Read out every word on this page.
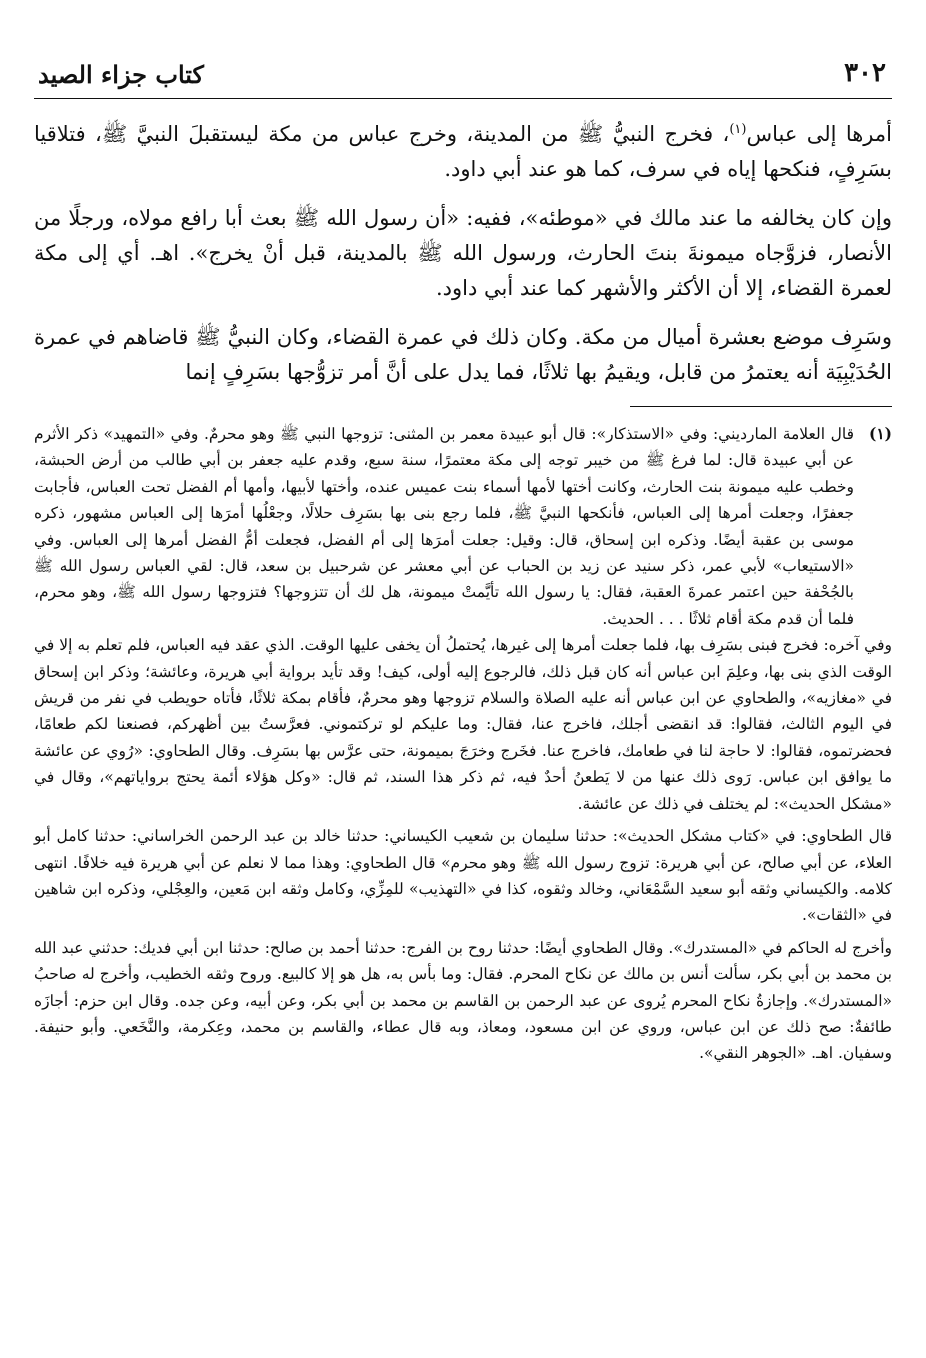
٣٠٢
كتاب جزاء الصيد

أمرها إلى عباس$^{(١)}$، فخرج النبيُّ ﷺ من المدينة، وخرج عباس من مكة ليستقبلَ النبيَّ ﷺ، فتلاقيا بسَرِفٍ، فنكحها إياه في سرف، كما هو عند أبي داود.

وإن كان يخالفه ما عند مالك في «موطئه»، ففيه: «أن رسول الله ﷺ بعث أبا رافع مولاه، ورجلًا من الأنصار، فزوَّجاه ميمونةَ بنتَ الحارث، ورسول الله ﷺ بالمدينة، قبل أنْ يخرج». اهـ. أي إلى مكة لعمرة القضاء، إلا أن الأكثر والأشهر كما عند أبي داود.

وسَرِف موضع بعشرة أميال من مكة. وكان ذلك في عمرة القضاء، وكان النبيُّ ﷺ قاضاهم في عمرة الحُدَيْبِيَة أنه يعتمرُ من قابل، ويقيمُ بها ثلاثًا، فما يدل على أنَّ أمر تزوُّجها بسَرِفٍ إنما

(١)
قال العلامة المارديني: وفي «الاستذكار»: قال أبو عبيدة معمر بن المثنى: تزوجها النبي ﷺ وهو محرمٌ. وفي «التمهيد» ذكر الأثرم عن أبي عبيدة قال: لما فرغ ﷺ من خيبر توجه إلى مكة معتمرًا، سنة سبع، وقدم عليه جعفر بن أبي طالب من أرض الحبشة، وخطب عليه ميمونة بنت الحارث، وكانت أختها لأمها أسماء بنت عميس عنده، وأختها لأبيها، وأمها أم الفضل تحت العباس، فأجابت جعفرًا، وجعلت أمرها إلى العباس، فأنكحها النبيَّ ﷺ، فلما رجع بنى بها بسَرِف حلالًا، وجعْلُها أمرَها إلى العباس مشهور، ذكره موسى بن عقبة أيضًا. وذكره ابن إسحاق، قال: وقيل: جعلت أمرَها إلى أم الفضل، فجعلت أمُّ الفضل أمرها إلى العباس. وفي «الاستيعاب» لأبي عمر، ذكر سنيد عن زيد بن الحباب عن أبي معشر عن شرحبيل بن سعد، قال: لقي العباس رسول الله ﷺ بالجُحْفة حين اعتمر عمرةَ العقبة، فقال: يا رسول الله تأيَّمتْ ميمونة، هل لك أن تتزوجها؟ فتزوجها رسول الله ﷺ، وهو محرم، فلما أن قدم مكة أقام ثلاثًا . . . الحديث.

وفي آخره: فخرج فبنى بسَرِف بها، فلما جعلت أمرها إلى غيرها، يُحتملُ أن يخفى عليها الوقت. الذي عقد فيه العباس، فلم تعلم به إلا في الوقت الذي بنى بها، وعلِمَ ابن عباس أنه كان قبل ذلك، فالرجوع إليه أولى، كيف! وقد تأيد برواية أبي هريرة، وعائشة؛ وذكر ابن إسحاق في «مغازيه»، والطحاوي عن ابن عباس أنه عليه الصلاة والسلام تزوجها وهو محرمٌ، فأقام بمكة ثلاثًا، فأتاه حويطب في نفر من قريش في اليوم الثالث، فقالوا: قد انقضى أجلك، فاخرج عنا، فقال: وما عليكم لو تركتموني. فعرَّستُ بين أظهركم، فصنعنا لكم طعامًا، فحضرتموه، فقالوا: لا حاجة لنا في طعامك، فاخرج عنا. فخَرج وخرَجَ بميمونة، حتى عرَّس بها بسَرِف. وقال الطحاوي: «رُوي عن عائشة ما يوافق ابن عباس. رَوى ذلك عنها من لا يَطعنُ أحدٌ فيه، ثم ذكر هذا السند، ثم قال: «وكل هؤلاء أئمة يحتج برواياتهم»، وقال في «مشكل الحديث»: لم يختلف في ذلك عن عائشة.

قال الطحاوي: في «كتاب مشكل الحديث»: حدثنا سليمان بن شعيب الكيساني: حدثنا خالد بن عبد الرحمن الخراساني: حدثنا كامل أبو العلاء، عن أبي صالح، عن أبي هريرة: تزوج رسول الله ﷺ وهو محرم» قال الطحاوي: وهذا مما لا نعلم عن أبي هريرة فيه خلافًا. انتهى كلامه. والكيساني وثقه أبو سعيد السَّمْعَاني، وخالد وثقوه، كذا في «التهذيب» للمِزِّي، وكامل وثقه ابن مَعين، والعِجْلي، وذكره ابن شاهين في «الثقات».

وأخرج له الحاكم في «المستدرك». وقال الطحاوي أيضًا: حدثنا روح بن الفرج: حدثنا أحمد بن صالح: حدثنا ابن أبي فديك: حدثني عبد الله بن محمد بن أبي بكر، سألت أنس بن مالك عن نكاح المحرم. فقال: وما بأس به، هل هو إلا كالبيع. وروح وثقه الخطيب، وأخرج له صاحبُ «المستدرك». وإجازةُ نكاح المحرم يُروى عن عبد الرحمن بن القاسم بن محمد بن أبي بكر، وعن أبيه، وعن جده. وقال ابن حزم: أجازَه طائفةٌ: صح ذلك عن ابن عباس، وروي عن ابن مسعود، ومعاذ، وبه قال عطاء، والقاسم بن محمد، وعِكرمة، والنَّخَعي. وأبو حنيفة. وسفيان. اهـ. «الجوهر النقي».
